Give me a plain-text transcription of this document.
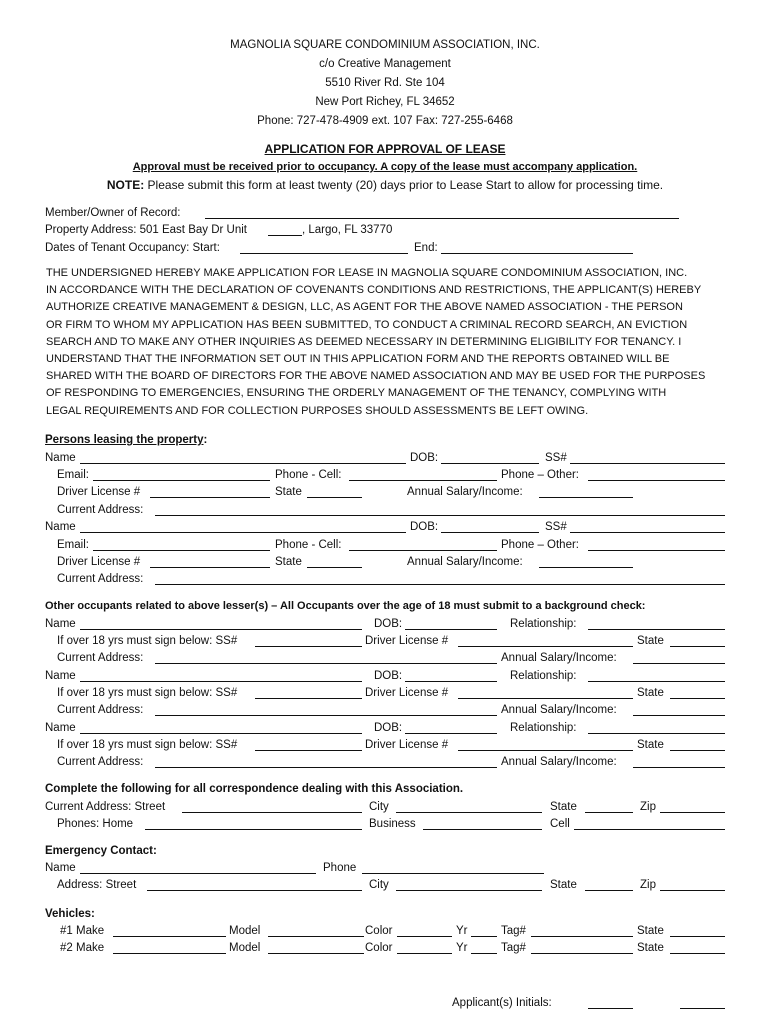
MAGNOLIA SQUARE CONDOMINIUM ASSOCIATION, INC.
c/o Creative Management
5510 River Rd. Ste 104
New Port Richey, FL 34652
Phone: 727-478-4909 ext. 107 Fax: 727-255-6468
APPLICATION FOR APPROVAL OF LEASE
Approval must be received prior to occupancy. A copy of the lease must accompany application.
NOTE: Please submit this form at least twenty (20) days prior to Lease Start to allow for processing time.
Member/Owner of Record:
Property Address: 501 East Bay Dr Unit	, Largo, FL 33770
Dates of Tenant Occupancy: Start:	End:
THE UNDERSIGNED HEREBY MAKE APPLICATION FOR LEASE IN MAGNOLIA SQUARE CONDOMINIUM ASSOCIATION, INC.
IN ACCORDANCE WITH THE DECLARATION OF COVENANTS CONDITIONS AND RESTRICTIONS, THE APPLICANT(S) HEREBY
AUTHORIZE CREATIVE MANAGEMENT & DESIGN, LLC, AS AGENT FOR THE ABOVE NAMED ASSOCIATION - THE PERSON
OR FIRM TO WHOM MY APPLICATION HAS BEEN SUBMITTED, TO CONDUCT A CRIMINAL RECORD SEARCH, AN EVICTION
SEARCH AND TO MAKE ANY OTHER INQUIRIES AS DEEMED NECESSARY IN DETERMINING ELIGIBILITY FOR TENANCY. I
UNDERSTAND THAT THE INFORMATION SET OUT IN THIS APPLICATION FORM AND THE REPORTS OBTAINED WILL BE
SHARED WITH THE BOARD OF DIRECTORS FOR THE ABOVE NAMED ASSOCIATION AND MAY BE USED FOR THE PURPOSES
OF RESPONDING TO EMERGENCIES, ENSURING THE ORDERLY MANAGEMENT OF THE TENANCY, COMPLYING WITH
LEGAL REQUIREMENTS AND FOR COLLECTION PURPOSES SHOULD ASSESSMENTS BE LEFT OWING.
Persons leasing the property:
Name	DOB:	SS#
Email:	Phone - Cell:	Phone – Other:
Driver License #	State	Annual Salary/Income:
Current Address:
Name	DOB:	SS#
Email:	Phone - Cell:	Phone – Other:
Driver License #	State	Annual Salary/Income:
Current Address:
Other occupants related to above lesser(s) – All Occupants over the age of 18 must submit to a background check:
Name	DOB:	Relationship:
If over 18 yrs must sign below: SS#	Driver License #	State
Current Address:	Annual Salary/Income:
Name	DOB:	Relationship:
If over 18 yrs must sign below: SS#	Driver License #	State
Current Address:	Annual Salary/Income:
Name	DOB:	Relationship:
If over 18 yrs must sign below: SS#	Driver License #	State
Current Address:	Annual Salary/Income:
Complete the following for all correspondence dealing with this Association.
Current Address: Street	City	State	Zip
Phones: Home	Business	Cell
Emergency Contact:
Name	Phone
Address: Street	City	State	Zip
Vehicles:
#1 Make	Model	Color	Yr	Tag#	State
#2 Make	Model	Color	Yr	Tag#	State
Applicant(s) Initials:
